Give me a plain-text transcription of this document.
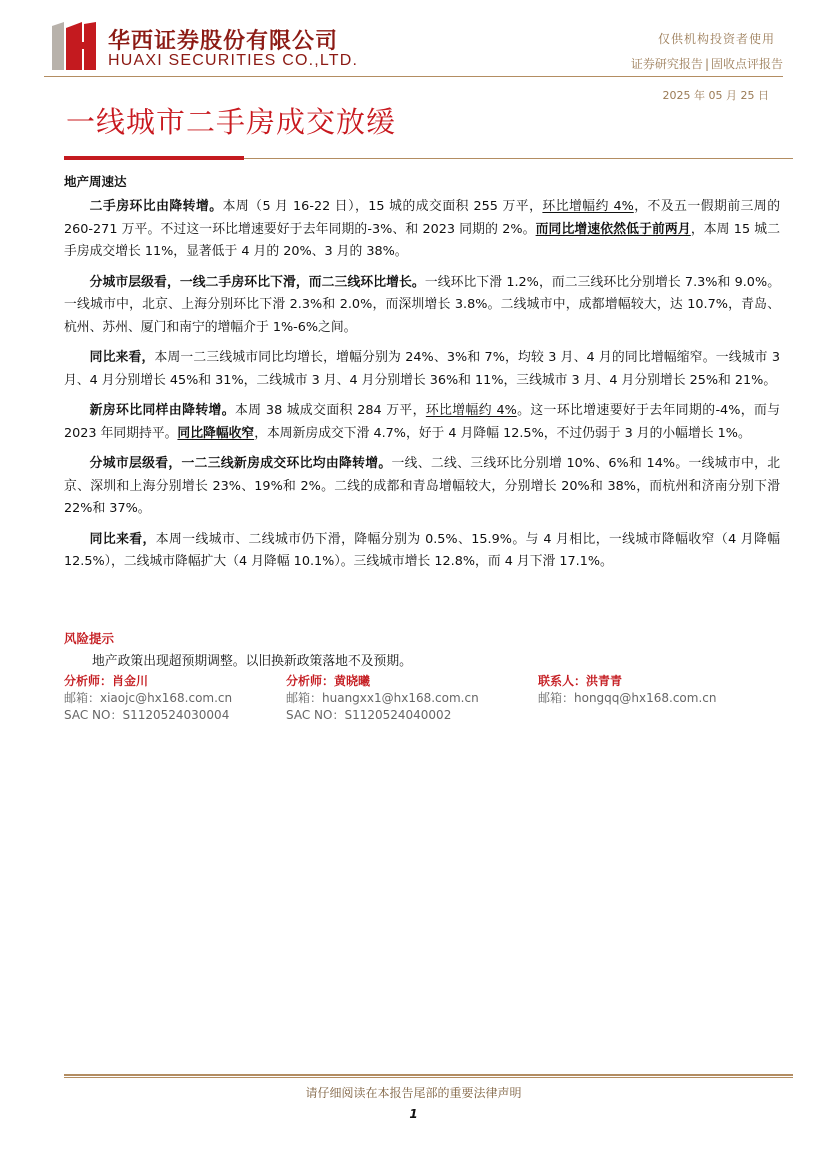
华西证券股份有限公司
HUAXI SECURITIES CO.,LTD.
仅供机构投资者使用
证券研究报告 | 固收点评报告
2025 年 05 月 25 日
一线城市二手房成交放缓
地产周速达

二手房环比由降转增。本周（5 月 16-22 日），15 城的成交面积 255 万平，环比增幅约 4%，不及五一假期前三周的 260-271 万平。不过这一环比增速要好于去年同期的-3%、和 2023 同期的 2%。而同比增速依然低于前两月，本周 15 城二手房成交增长 11%，显著低于 4 月的 20%、3 月的 38%。

分城市层级看，一线二手房环比下滑，而二三线环比增长。一线环比下滑 1.2%，而二三线环比分别增长 7.3%和 9.0%。一线城市中，北京、上海分别环比下滑 2.3%和 2.0%，而深圳增长 3.8%。二线城市中，成都增幅较大，达 10.7%，青岛、杭州、苏州、厦门和南宁的增幅介于 1%-6%之间。

同比来看，本周一二三线城市同比均增长，增幅分别为 24%、3%和 7%，均较 3 月、4 月的同比增幅缩窄。一线城市 3 月、4 月分别增长 45%和 31%，二线城市 3 月、4 月分别增长 36%和 11%，三线城市 3 月、4 月分别增长 25%和 21%。

新房环比同样由降转增。本周 38 城成交面积 284 万平，环比增幅约 4%。这一环比增速要好于去年同期的-4%，而与 2023 年同期持平。同比降幅收窄，本周新房成交下滑 4.7%，好于 4 月降幅 12.5%，不过仍弱于 3 月的小幅增长 1%。

分城市层级看，一二三线新房成交环比均由降转增。一线、二线、三线环比分别增 10%、6%和 14%。一线城市中，北京、深圳和上海分别增长 23%、19%和 2%。二线的成都和青岛增幅较大，分别增长 20%和 38%，而杭州和济南分别下滑 22%和 37%。

同比来看，本周一线城市、二线城市仍下滑，降幅分别为 0.5%、15.9%。与 4 月相比，一线城市降幅收窄（4 月降幅 12.5%），二线城市降幅扩大（4 月降幅 10.1%）。三线城市增长 12.8%，而 4 月下滑 17.1%。

风险提示
地产政策出现超预期调整。以旧换新政策落地不及预期。
分析师：肖金川
邮箱：xiaojc@hx168.com.cn
SAC NO：S1120524030004
分析师：黄晓曦
邮箱：huangxx1@hx168.com.cn
SAC NO：S1120524040002
联系人：洪青青
邮箱：hongqq@hx168.com.cn
请仔细阅读在本报告尾部的重要法律声明
1
